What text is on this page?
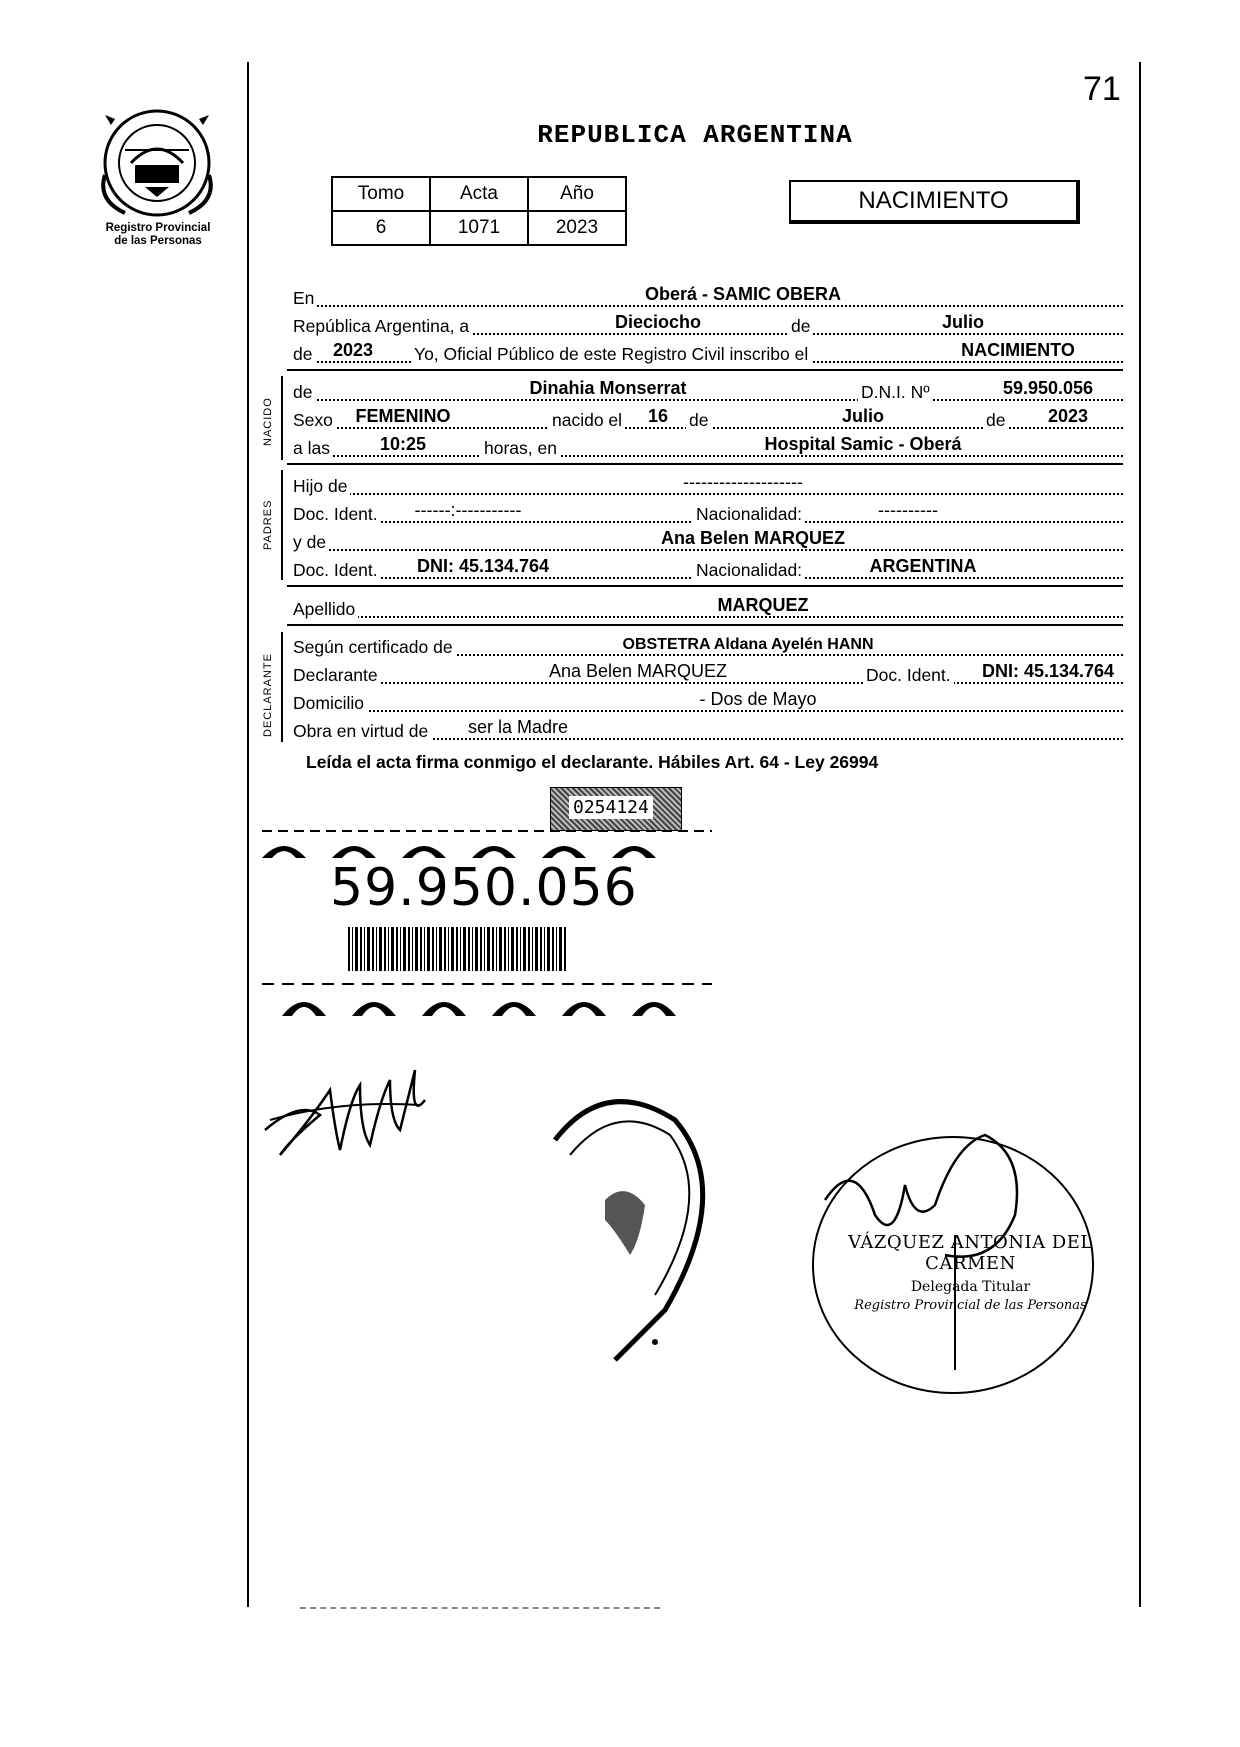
71
Registro Provincial
de las Personas
REPUBLICA ARGENTINA
Tomo	Acta	Año
6	1071	2023
NACIMIENTO
En	Oberá - SAMIC OBERA
República Argentina, a	Dieciocho	de	Julio
de	2023	Yo, Oficial Público de este Registro Civil inscribo el	NACIMIENTO
NACIDO
de	Dinahia Monserrat	D.N.I. Nº	59.950.056
Sexo	FEMENINO	nacido el	16	de	Julio	de	2023
a las	10:25	horas, en	Hospital Samic - Oberá
PADRES
Hijo de	--------------------
Doc. Ident.	------:-----------	Nacionalidad:	----------
y de	Ana Belen MARQUEZ
Doc. Ident.	DNI: 45.134.764	Nacionalidad:	ARGENTINA
Apellido	MARQUEZ
DECLARANTE
Según certificado de	OBSTETRA Aldana Ayelén HANN
Declarante	Ana Belen MARQUEZ	Doc. Ident.	DNI: 45.134.764
Domicilio	- Dos de Mayo
Obra en virtud de	ser la Madre
Leída el acta firma conmigo el declarante. Hábiles Art. 64 - Ley 26994
0254124
59.950.056
VÁZQUEZ ANTONIA DEL CARMEN
Delegada Titular
Registro Provincial de las Personas
